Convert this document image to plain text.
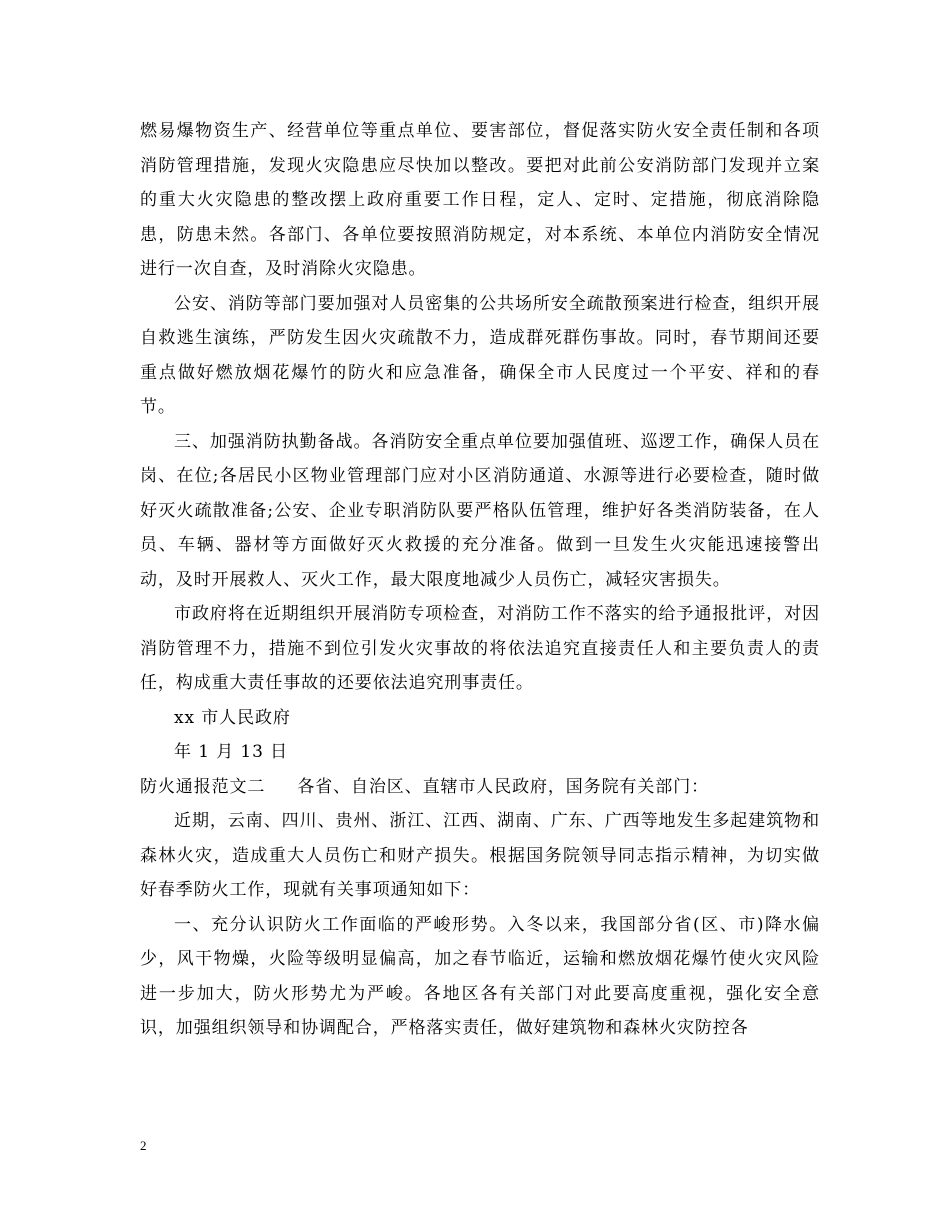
燃易爆物资生产、经营单位等重点单位、要害部位，督促落实防火安全责任制和各项消防管理措施，发现火灾隐患应尽快加以整改。要把对此前公安消防部门发现并立案的重大火灾隐患的整改摆上政府重要工作日程，定人、定时、定措施，彻底消除隐患，防患未然。各部门、各单位要按照消防规定，对本系统、本单位内消防安全情况进行一次自查，及时消除火灾隐患。

公安、消防等部门要加强对人员密集的公共场所安全疏散预案进行检查，组织开展自救逃生演练，严防发生因火灾疏散不力，造成群死群伤事故。同时，春节期间还要重点做好燃放烟花爆竹的防火和应急准备，确保全市人民度过一个平安、祥和的春节。

三、加强消防执勤备战。各消防安全重点单位要加强值班、巡逻工作，确保人员在岗、在位;各居民小区物业管理部门应对小区消防通道、水源等进行必要检查，随时做好灭火疏散准备;公安、企业专职消防队要严格队伍管理，维护好各类消防装备，在人员、车辆、器材等方面做好灭火救援的充分准备。做到一旦发生火灾能迅速接警出动，及时开展救人、灭火工作，最大限度地减少人员伤亡，减轻灾害损失。

市政府将在近期组织开展消防专项检查，对消防工作不落实的给予通报批评，对因消防管理不力，措施不到位引发火灾事故的将依法追究直接责任人和主要负责人的责任，构成重大责任事故的还要依法追究刑事责任。

xx 市人民政府

年 1 月 13 日

防火通报范文二 各省、自治区、直辖市人民政府，国务院有关部门：

近期，云南、四川、贵州、浙江、江西、湖南、广东、广西等地发生多起建筑物和森林火灾，造成重大人员伤亡和财产损失。根据国务院领导同志指示精神，为切实做好春季防火工作，现就有关事项通知如下：

一、充分认识防火工作面临的严峻形势。入冬以来，我国部分省(区、市)降水偏少，风干物燥，火险等级明显偏高，加之春节临近，运输和燃放烟花爆竹使火灾风险进一步加大，防火形势尤为严峻。各地区各有关部门对此要高度重视，强化安全意识，加强组织领导和协调配合，严格落实责任，做好建筑物和森林火灾防控各

2
